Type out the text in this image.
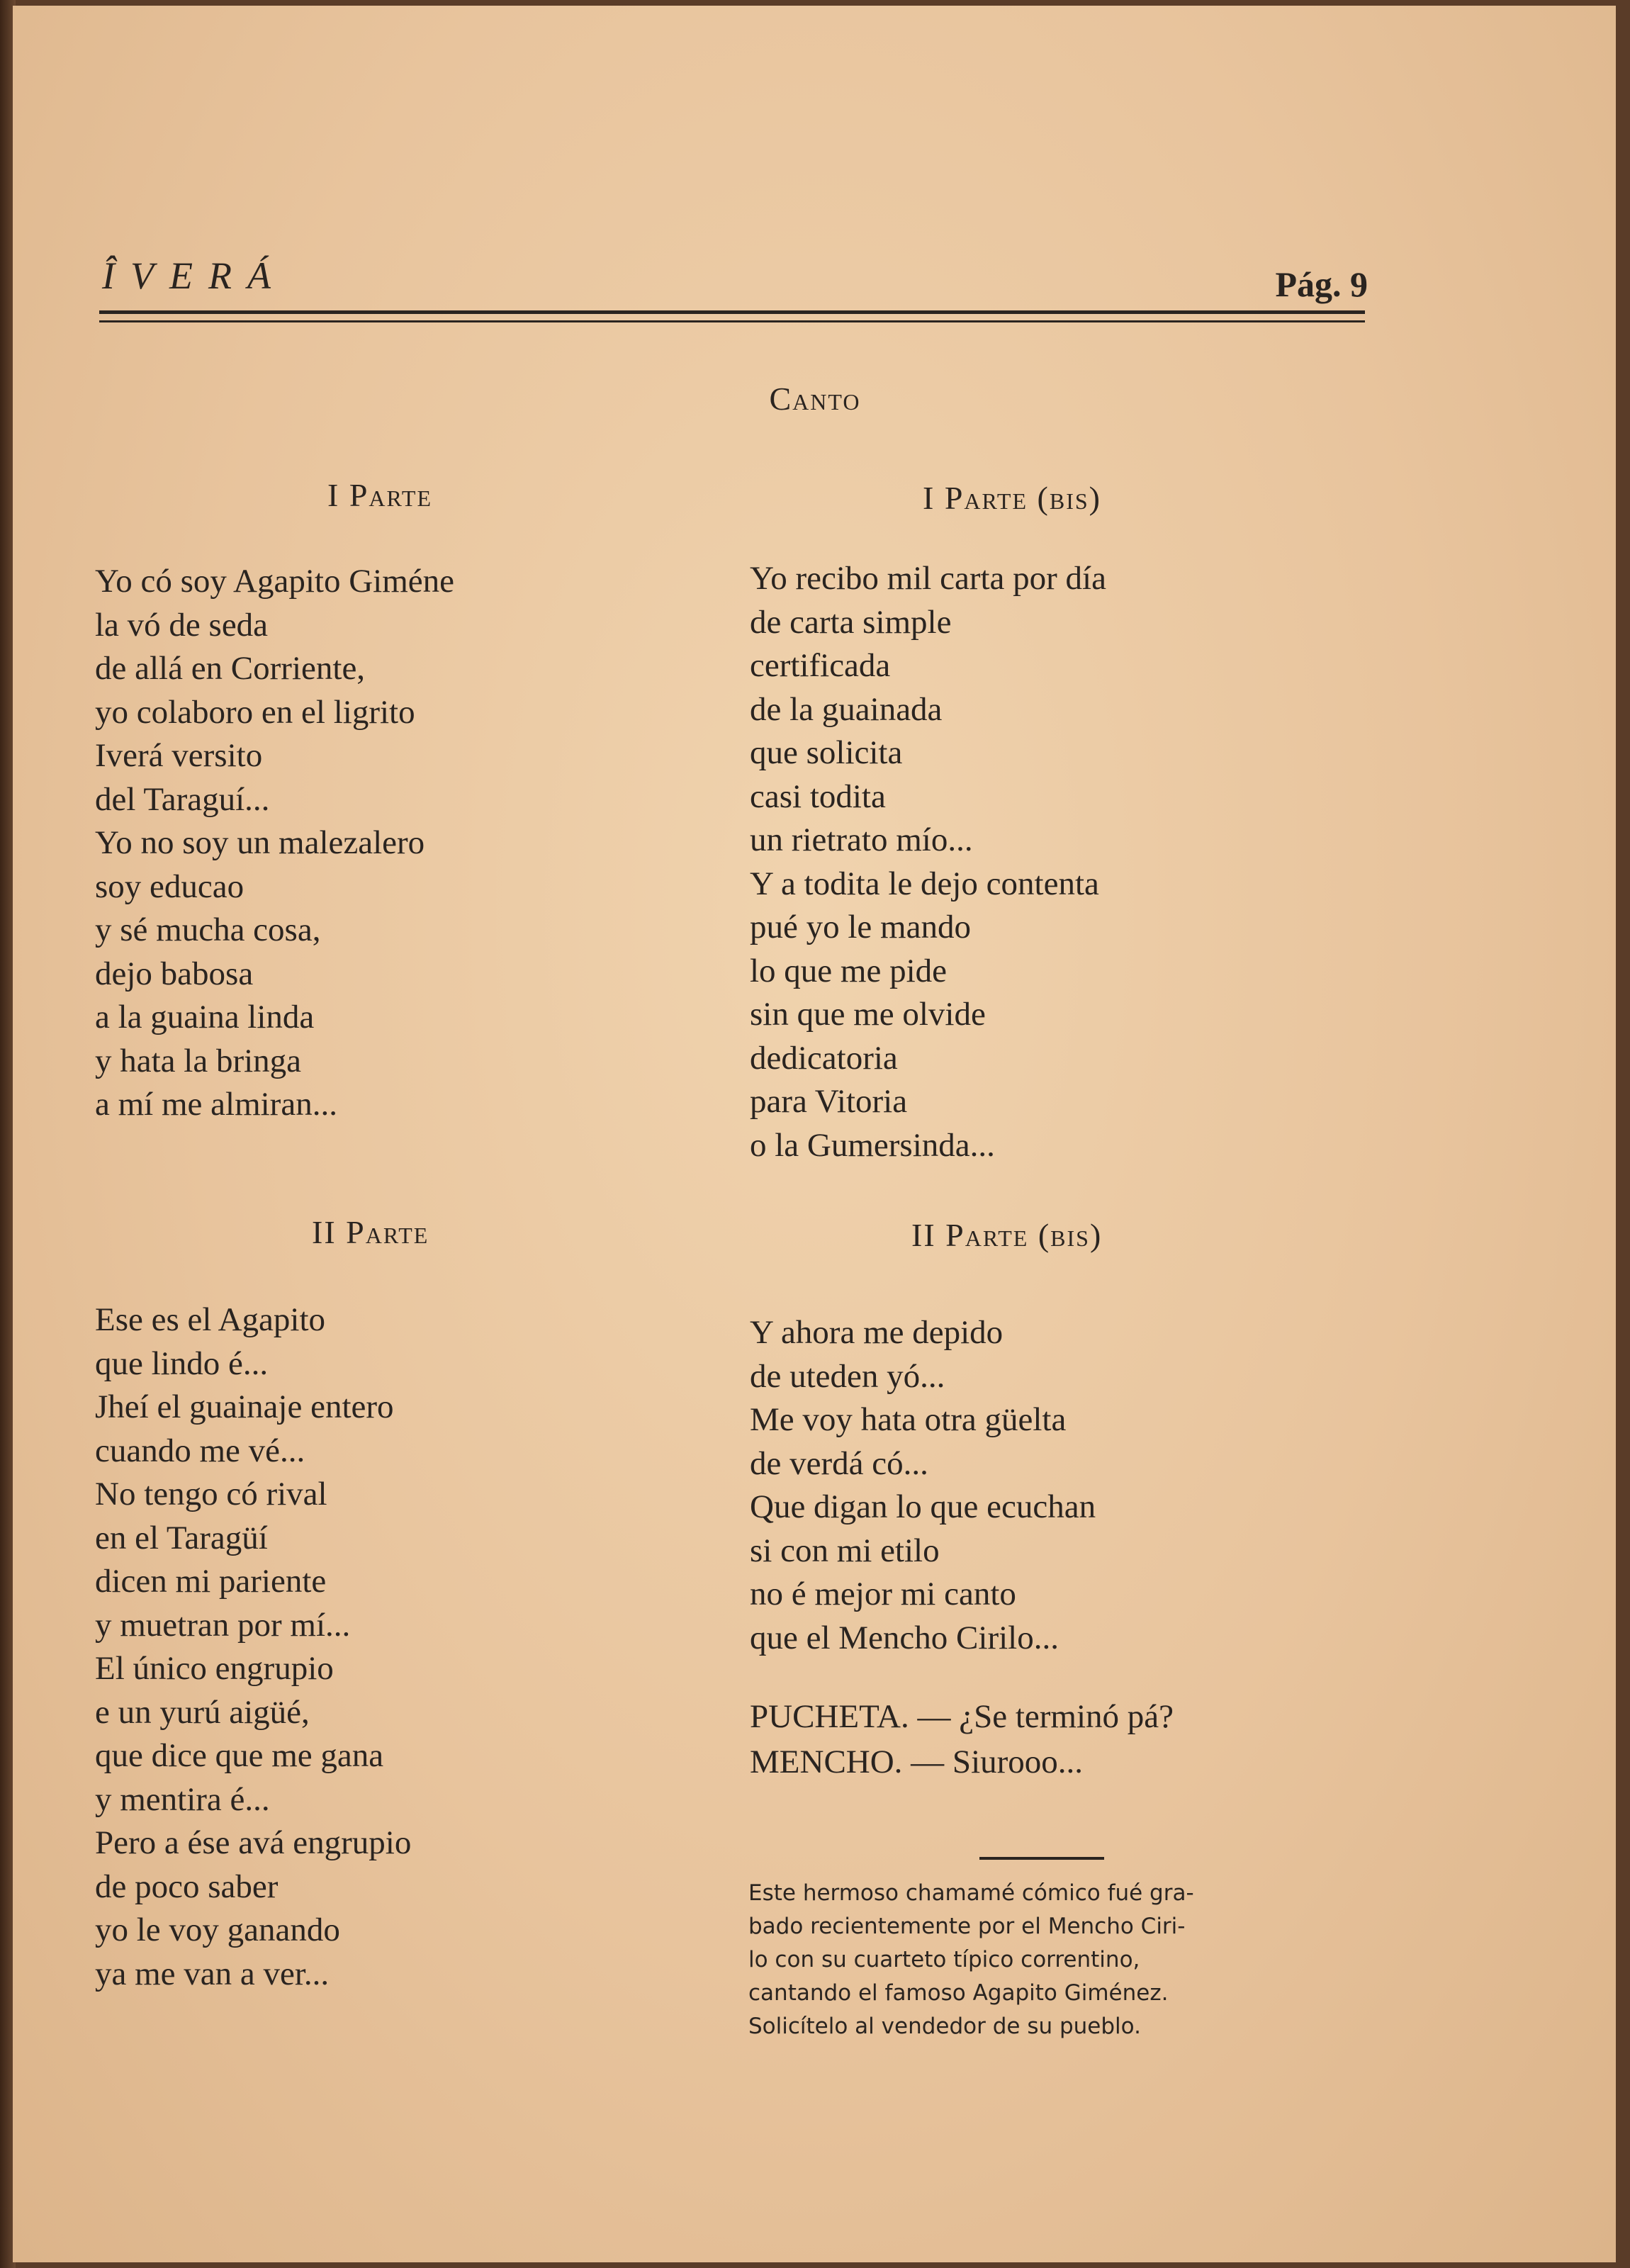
ÎVERÁ	Pág. 9
Canto
I Parte
Yo có soy Agapito Giméne
la vó de seda
de allá en Corriente,
yo colaboro en el ligrito
Iverá versito
del Taraguí...
Yo no soy un malezalero
soy educao
y sé mucha cosa,
dejo babosa
a la guaina linda
y hata la bringa
a mí me almiran...
II Parte
Ese es el Agapito
que lindo é...
Jheí el guainaje entero
cuando me vé...
No tengo có rival
en el Taragüí
dicen mi pariente
y muetran por mí...
El único engrupio
e un yurú aigüé,
que dice que me gana
y mentira é...
Pero a ése avá engrupio
de poco saber
yo le voy ganando
ya me van a ver...
I Parte (bis)
Yo recibo mil carta por día
de carta simple
certificada
de la guainada
que solicita
casi todita
un rietrato mío...
Y a todita le dejo contenta
pué yo le mando
lo que me pide
sin que me olvide
dedicatoria
para Vitoria
o la Gumersinda...
II Parte (bis)
Y ahora me depido
de uteden yó...
Me voy hata otra güelta
de verdá có...
Que digan lo que ecuchan
si con mi etilo
no é mejor mi canto
que el Mencho Cirilo...
PUCHETA. — ¿Se terminó pá?
MENCHO. — Siurooo...
Este hermoso chamamé cómico fué gra-
bado recientemente por el Mencho Ciri-
lo con su cuarteto típico correntino,
cantando el famoso Agapito Giménez.
Solicítelo al vendedor de su pueblo.
